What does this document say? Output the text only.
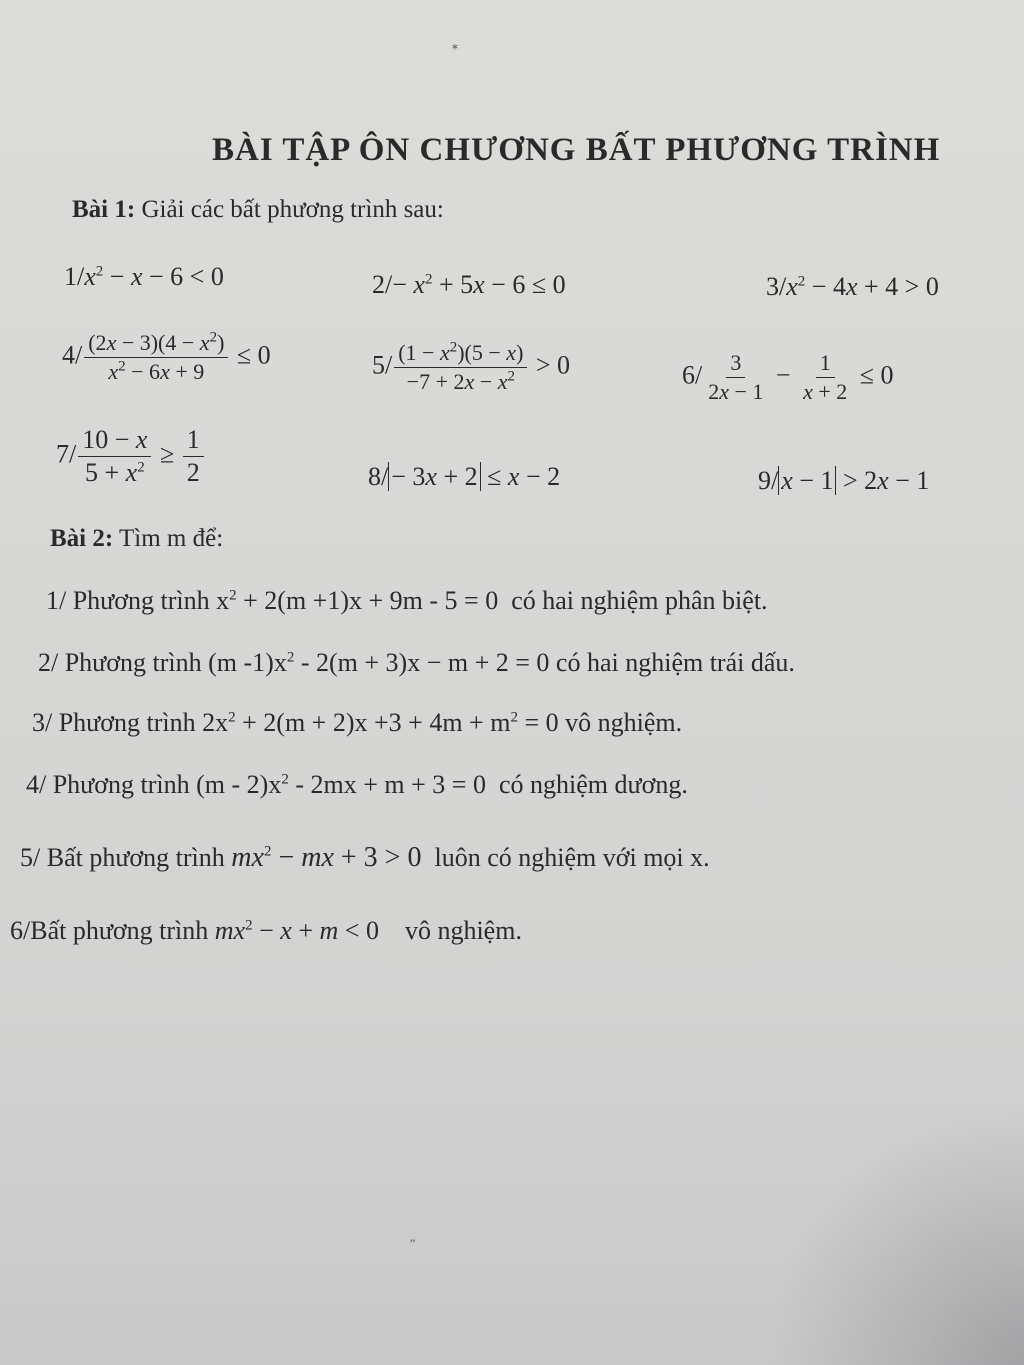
⁎
”
BÀI TẬP ÔN CHƯƠNG BẤT PHƯƠNG TRÌNH
Bài 1: Giải các bất phương trình sau:
$1/x^2 - x - 6 < 0$	$2/- x^2 + 5x - 6 \le 0$	$3/x^2 - 4x + 4 > 0$
$4/ \frac{(2x - 3)(4 - x^2)}{x^2 - 6x + 9} \le 0$	$5/ \frac{(1 - x^2)(5 - x)}{-7 + 2x - x^2} > 0$	$6/ \frac{3}{2x - 1} - \frac{1}{x + 2} \le 0$
$7/ \frac{10 - x}{5 + x^2} \ge \frac{1}{2}$	8/ − 3x + 2 ≤ x − 2	9/ x − 1 > 2x − 1
Bài 2: Tìm m để:
1/ Phương trình $x^2 + 2(m +1)x + 9m - 5 = 0$ có hai nghiệm phân biệt.
2/ Phương trình (m $-1)x^2 - 2(m + 3)x - m + 2 = 0$ có hai nghiệm trái dấu.
3/ Phương trình $2x^2 + 2(m + 2)x +3 + 4m + m^2 = 0$ vô nghiệm.
4/ Phương trình $(m - 2)x^2 - 2mx + m + 3 = 0$ có nghiệm dương.
5/ Bất phương trình $mx^2$ − mx + 3 > 0 luôn có nghiệm với mọi x.
6/Bất phương trình $mx^2 - x + m < 0$ vô nghiệm.
